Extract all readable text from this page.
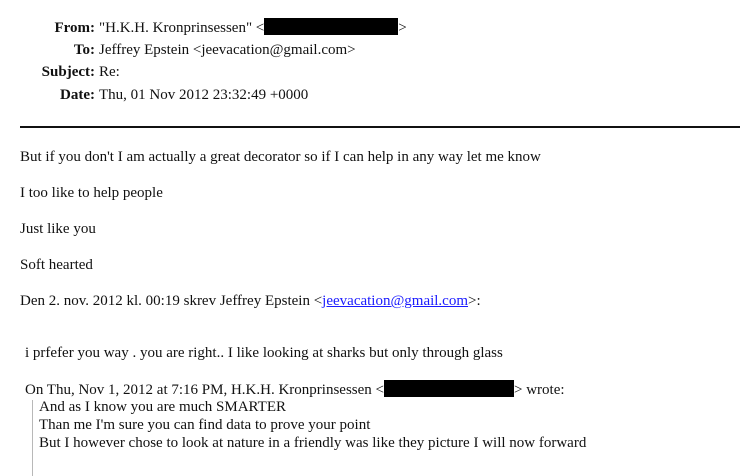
From: "H.K.H. Kronprinsessen" <	>
To: Jeffrey Epstein <jeevacation@gmail.com>
Subject: Re:
Date: Thu, 01 Nov 2012 23:32:49 +0000
But if you don't I am actually a great decorator so if I can help in any way let me know
I too like to help people
Just like you
Soft hearted
Den 2. nov. 2012 kl. 00:19 skrev Jeffrey Epstein <jeevacation@gmail.com>:
i prfefer you way . you are right.. I like looking at sharks but only through glass
On Thu, Nov 1, 2012 at 7:16 PM, H.K.H. Kronprinsessen <	> wrote:
And as I know you are much SMARTER
Than me I'm sure you can find data to prove your point
But I however chose to look at nature in a friendly was like they picture I will now forward
